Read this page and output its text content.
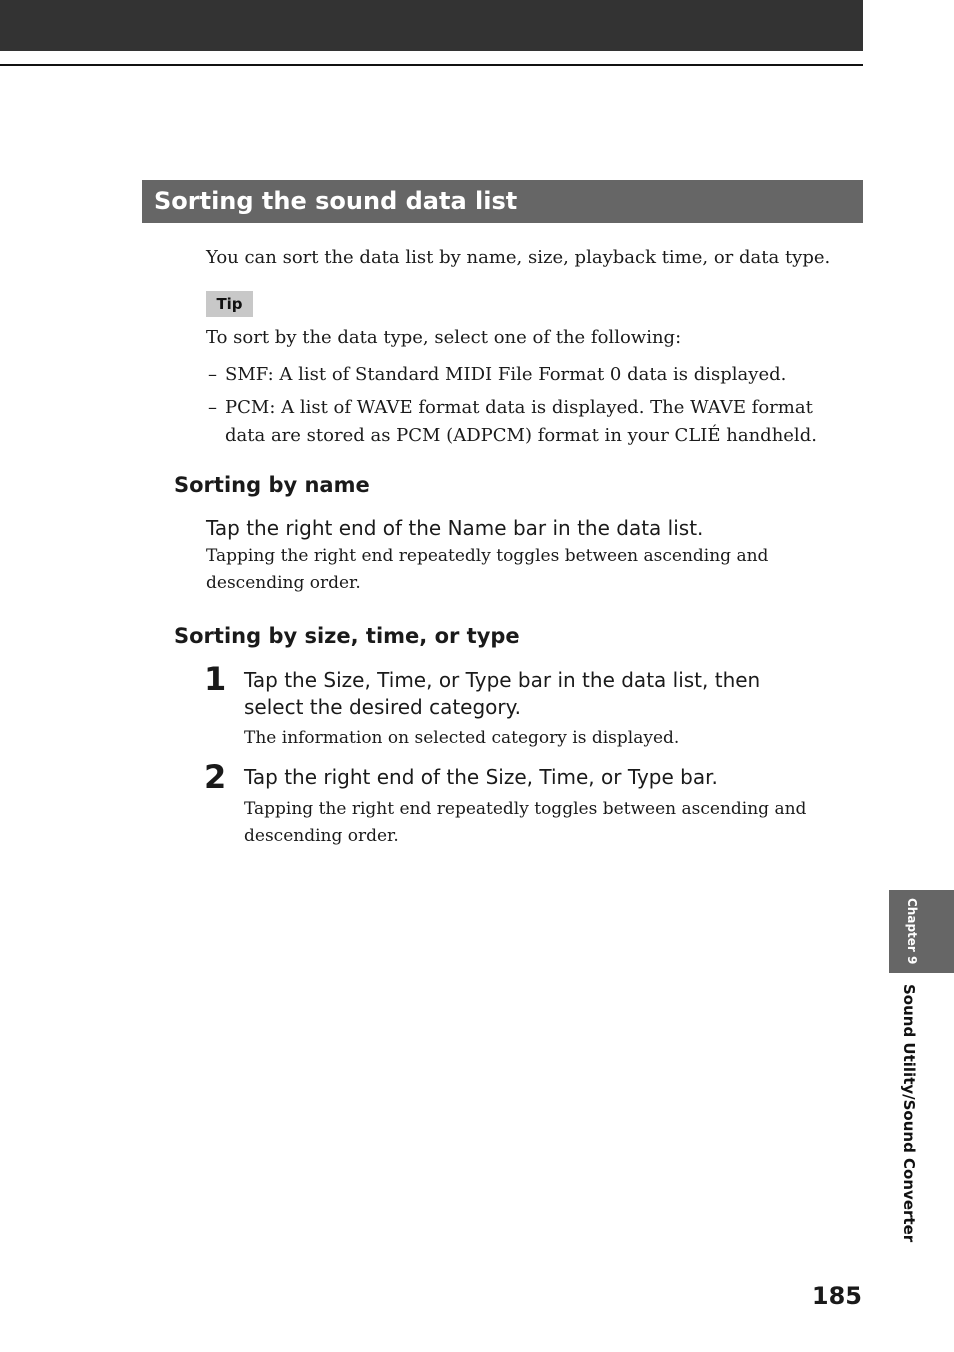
Sorting the sound data list
You can sort the data list by name, size, playback time, or data type.
Tip
To sort by the data type, select one of the following:
– SMF: A list of Standard MIDI File Format 0 data is displayed.
– PCM: A list of WAVE format data is displayed. The WAVE format data are stored as PCM (ADPCM) format in your CLIÉ handheld.
Sorting by name
Tap the right end of the Name bar in the data list.
Tapping the right end repeatedly toggles between ascending and descending order.
Sorting by size, time, or type
1 Tap the Size, Time, or Type bar in the data list, then select the desired category.
The information on selected category is displayed.
2 Tap the right end of the Size, Time, or Type bar.
Tapping the right end repeatedly toggles between ascending and descending order.
Chapter 9
Sound Utility/Sound Converter
185
